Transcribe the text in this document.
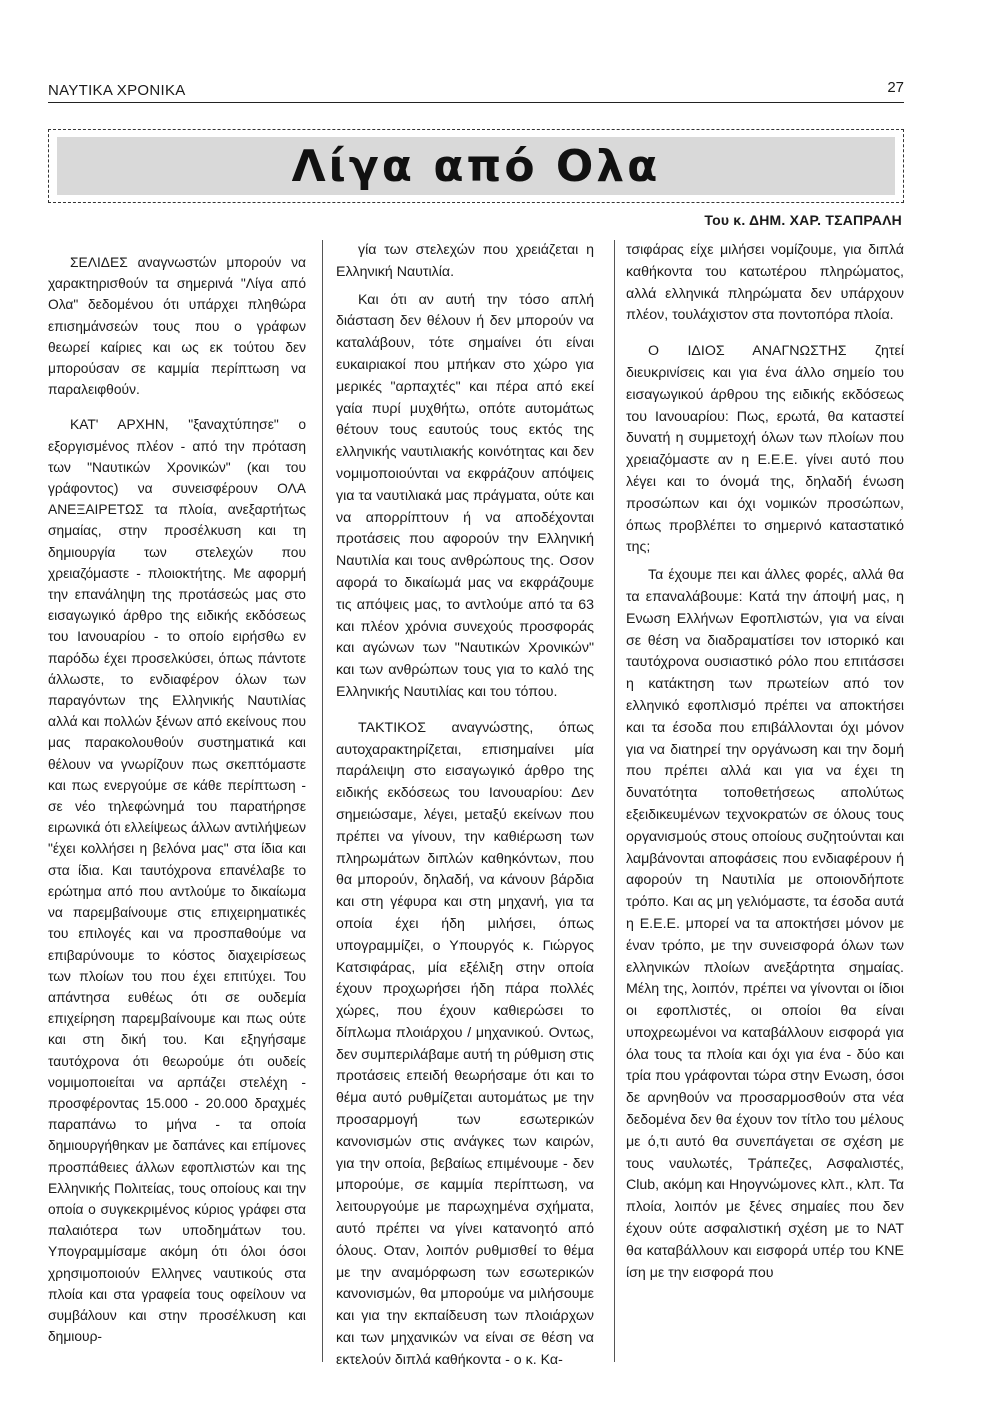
ΝΑΥΤΙΚΑ ΧΡΟΝΙΚΑ	27
Λίγα από Ολα
Του κ. ΔΗΜ. ΧΑΡ. ΤΣΑΠΡΑΛΗ

ΣΕΛΙΔΕΣ αναγνωστών μπορούν να χαρακτηρισθούν τα σημερινά "Λίγα από Ολα" δεδομένου ότι υπάρχει πληθώρα επισημάνσεών τους που ο γράφων θεωρεί καίριες και ως εκ τούτου δεν μπορούσαν σε καμμία περίπτωση να παραλειφθούν.

ΚΑΤ' ΑΡΧΗΝ, "ξαναχτύπησε" ο εξοργισμένος πλέον - από την πρόταση των "Ναυτικών Χρονικών" (και του γράφοντος) να συνεισφέρουν ΟΛΑ ΑΝΕΞΑΙΡΕΤΩΣ τα πλοία, ανεξαρτήτως σημαίας, στην προσέλκυση και τη δημιουργία των στελεχών που χρειαζόμαστε - πλοιοκτήτης. Με αφορμή την επανάληψη της προτάσεώς μας στο εισαγωγικό άρθρο της ειδικής εκδόσεως του Ιανουαρίου - το οποίο ειρήσθω εν παρόδω έχει προσελκύσει, όπως πάντοτε άλλωστε, το ενδιαφέρον όλων των παραγόντων της Ελληνικής Ναυτιλίας αλλά και πολλών ξένων από εκείνους που μας παρακολουθούν συστηματικά και θέλουν να γνωρίζουν πως σκεπτόμαστε και πως ενεργούμε σε κάθε περίπτωση - σε νέο τηλεφώνημά του παρατήρησε ειρωνικά ότι ελλείψεως άλλων αντιλήψεων "έχει κολλήσει η βελόνα μας" στα ίδια και στα ίδια. Και ταυτόχρονα επανέλαβε το ερώτημα από που αντλούμε το δικαίωμα να παρεμβαίνουμε στις επιχειρηματικές του επιλογές και να προσπαθούμε να επιβαρύνουμε το κόστος διαχειρίσεως των πλοίων του που έχει επιτύχει. Του απάντησα ευθέως ότι σε ουδεμία επιχείρηση παρεμβαίνουμε και πως ούτε και στη δική του. Και εξηγήσαμε ταυτόχρονα ότι θεωρούμε ότι ουδείς νομιμοποιείται να αρπάζει στελέχη - προσφέροντας 15.000 - 20.000 δραχμές παραπάνω το μήνα - τα οποία δημιουργήθηκαν με δαπάνες και επίμονες προσπάθειες άλλων εφοπλιστών και της Ελληνικής Πολιτείας, τους οποίους και την οποία ο συγκεκριμένος κύριος γράφει στα παλαιότερα των υποδημάτων του. Υπογραμμίσαμε ακόμη ότι όλοι όσοι χρησιμοποιούν Ελληνες ναυτικούς στα πλοία και στα γραφεία τους οφείλουν να συμβάλουν και στην προσέλκυση και δημιουρ-

γία των στελεχών που χρειάζεται η Ελληνική Ναυτιλία.

Και ότι αν αυτή την τόσο απλή διάσταση δεν θέλουν ή δεν μπορούν να καταλάβουν, τότε σημαίνει ότι είναι ευκαιριακοί που μπήκαν στο χώρο για μερικές "αρπαχτές" και πέρα από εκεί γαία πυρί μυχθήτω, οπότε αυτομάτως θέτουν τους εαυτούς τους εκτός της ελληνικής ναυτιλιακής κοινότητας και δεν νομιμοποιούνται να εκφράζουν απόψεις για τα ναυτιλιακά μας πράγματα, ούτε και να απορρίπτουν ή να αποδέχονται προτάσεις που αφορούν την Ελληνική Ναυτιλία και τους ανθρώπους της. Οσον αφορά το δικαίωμά μας να εκφράζουμε τις απόψεις μας, το αντλούμε από τα 63 και πλέον χρόνια συνεχούς προσφοράς και αγώνων των "Ναυτικών Χρονικών" και των ανθρώπων τους για το καλό της Ελληνικής Ναυτιλίας και του τόπου.

ΤΑΚΤΙΚΟΣ αναγνώστης, όπως αυτοχαρακτηρίζεται, επισημαίνει μία παράλειψη στο εισαγωγικό άρθρο της ειδικής εκδόσεως του Ιανουαρίου: Δεν σημειώσαμε, λέγει, μεταξύ εκείνων που πρέπει να γίνουν, την καθιέρωση των πληρωμάτων διπλών καθηκόντων, που θα μπορούν, δηλαδή, να κάνουν βάρδια και στη γέφυρα και στη μηχανή, για τα οποία έχει ήδη μιλήσει, όπως υπογραμμίζει, ο Υπουργός κ. Γιώργος Κατσιφάρας, μία εξέλιξη στην οποία έχουν προχωρήσει ήδη πάρα πολλές χώρες, που έχουν καθιερώσει το δίπλωμα πλοιάρχου / μηχανικού. Οντως, δεν συμπεριλάβαμε αυτή τη ρύθμιση στις προτάσεις επειδή θεωρήσαμε ότι και το θέμα αυτό ρυθμίζεται αυτομάτως με την προσαρμογή των εσωτερικών κανονισμών στις ανάγκες των καιρών, για την οποία, βεβαίως επιμένουμε - δεν μπορούμε, σε καμμία περίπτωση, να λειτουργούμε με παρωχημένα σχήματα, αυτό πρέπει να γίνει κατανοητό από όλους. Οταν, λοιπόν ρυθμισθεί το θέμα με την αναμόρφωση των εσωτερικών κανονισμών, θα μπορούμε να μιλήσουμε και για την εκπαίδευση των πλοιάρχων και των μηχανικών να είναι σε θέση να εκτελούν διπλά καθήκοντα - ο κ. Κα-

τσιφάρας είχε μιλήσει νομίζουμε, για διπλά καθήκοντα του κατωτέρου πληρώματος, αλλά ελληνικά πληρώματα δεν υπάρχουν πλέον, τουλάχιστον στα ποντοπόρα πλοία.

Ο ΙΔΙΟΣ ΑΝΑΓΝΩΣΤΗΣ ζητεί διευκρινίσεις και για ένα άλλο σημείο του εισαγωγικού άρθρου της ειδικής εκδόσεως του Ιανουαρίου: Πως, ερωτά, θα καταστεί δυνατή η συμμετοχή όλων των πλοίων που χρειαζόμαστε αν η Ε.Ε.Ε. γίνει αυτό που λέγει και το όνομά της, δηλαδή ένωση προσώπων και όχι νομικών προσώπων, όπως προβλέπει το σημερινό καταστατικό της;

Τα έχουμε πει και άλλες φορές, αλλά θα τα επαναλάβουμε: Κατά την άποψή μας, η Ενωση Ελλήνων Εφοπλιστών, για να είναι σε θέση να διαδραματίσει τον ιστορικό και ταυτόχρονα ουσιαστικό ρόλο που επιτάσσει η κατάκτηση των πρωτείων από τον ελληνικό εφοπλισμό πρέπει να αποκτήσει και τα έσοδα που επιβάλλονται όχι μόνον για να διατηρεί την οργάνωση και την δομή που πρέπει αλλά και για να έχει τη δυνατότητα τοποθετήσεως απολύτως εξειδικευμένων τεχνοκρατών σε όλους τους οργανισμούς στους οποίους συζητούνται και λαμβάνονται αποφάσεις που ενδιαφέρουν ή αφορούν τη Ναυτιλία με οποιονδήποτε τρόπο. Και ας μη γελιόμαστε, τα έσοδα αυτά η Ε.Ε.Ε. μπορεί να τα αποκτήσει μόνον με έναν τρόπο, με την συνεισφορά όλων των ελληνικών πλοίων ανεξάρτητα σημαίας. Μέλη της, λοιπόν, πρέπει να γίνονται οι ίδιοι οι εφοπλιστές, οι οποίοι θα είναι υποχρεωμένοι να καταβάλλουν εισφορά για όλα τους τα πλοία και όχι για ένα - δύο και τρία που γράφονται τώρα στην Ενωση, όσοι δε αρνηθούν να προσαρμοσθούν στα νέα δεδομένα δεν θα έχουν τον τίτλο του μέλους με ό,τι αυτό θα συνεπάγεται σε σχέση με τους ναυλωτές, Τράπεζες, Ασφαλιστές, Club, ακόμη και Ηηογνώμονες κλπ., κλπ. Τα πλοία, λοιπόν με ξένες σημαίες που δεν έχουν ούτε ασφαλιστική σχέση με το ΝΑΤ θα καταβάλλουν και εισφορά υπέρ του ΚΝΕ ίση με την εισφορά που
